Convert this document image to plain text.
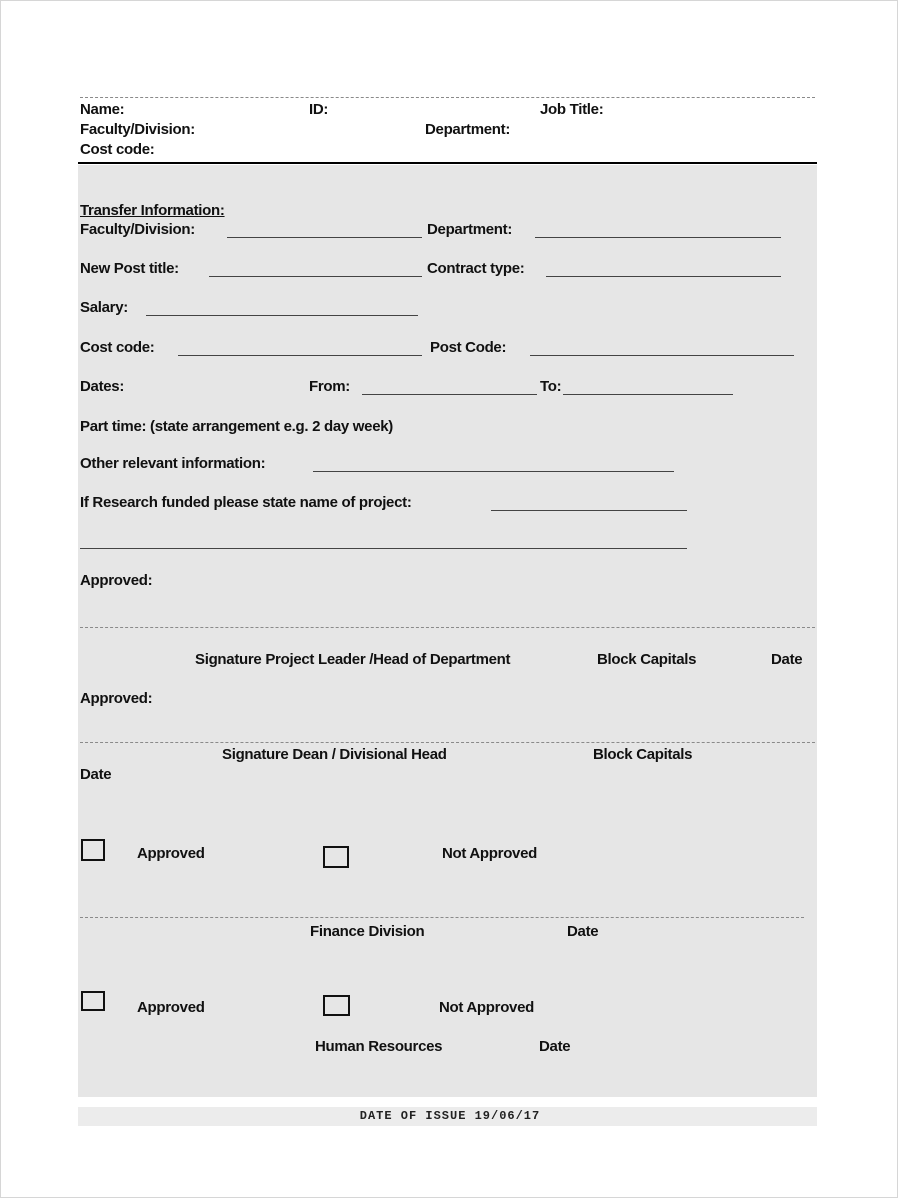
Name:	ID:	Job Title:
Faculty/Division:	Department:
Cost code:
Transfer Information:
Faculty/Division:	Department:
New Post title:	Contract type:
Salary:
Cost code:	Post Code:
Dates:	From:	To:
Part time: (state arrangement e.g. 2 day week)
Other relevant information:
If Research funded please state name of project:
Approved:
Signature Project Leader /Head of Department	Block Capitals	Date
Approved:
Signature Dean / Divisional Head	Block Capitals
Date
Approved	Not Approved
Finance Division	Date
Approved	Not Approved
Human Resources	Date
DATE OF ISSUE 19/06/17
